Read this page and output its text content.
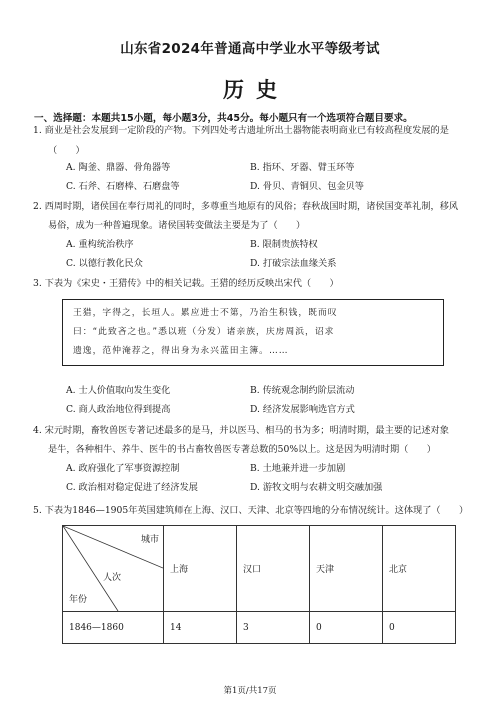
山东省2024年普通高中学业水平等级考试
历史
一、选择题：本题共15小题，每小题3分，共45分。每小题只有一个选项符合题目要求。
1. 商业是社会发展到一定阶段的产物。下列四处考古遗址所出土器物能表明商业已有较高程度发展的是
（　　）
A. 陶釜、鼎器、骨角器等	B. 指环、牙器、臂玉环等
C. 石斧、石磨棒、石磨盘等	D. 骨贝、青铜贝、包金贝等
2. 西周时期，诸侯国在奉行周礼的同时，多尊重当地原有的风俗；春秋战国时期，诸侯国变革礼制，移风
易俗，成为一种普遍现象。诸侯国转变做法主要是为了（　　）
A. 重构统治秩序	B. 限制贵族特权
C. 以德行教化民众	D. 打破宗法血缘关系
3. 下表为《宋史・王猎传》中的相关记载。王猎的经历反映出宋代（　　）
王猎，字得之，长垣人。累应进士不第，乃治生积钱，既而叹
曰：“此致吝之也。”悉以班（分发）诸亲族，庆房周浜，诏求
遗逸，范仲淹荐之，得出身为永兴蓝田主簿。……
A. 士人价值取向发生变化	B. 传统观念制约阶层流动
C. 商人政治地位得到提高	D. 经济发展影响选官方式
4. 宋元时期，畜牧兽医专著记述最多的是马，并以医马、相马的书为多；明清时期，最主要的记述对象
是牛，各种相牛、养牛、医牛的书占畜牧兽医专著总数的50%以上。这是因为明清时期（　　）
A. 政府强化了军事资源控制	B. 土地兼并进一步加剧
C. 政治相对稳定促进了经济发展	D. 游牧文明与农耕文明交融加强
5. 下表为1846—1905年英国建筑师在上海、汉口、天津、北京等四地的分布情况统计。这体现了（　　）
城市
人次
年份	上海	汉口	天津	北京
1846—1860	14	3	0	0
第1页/共17页
